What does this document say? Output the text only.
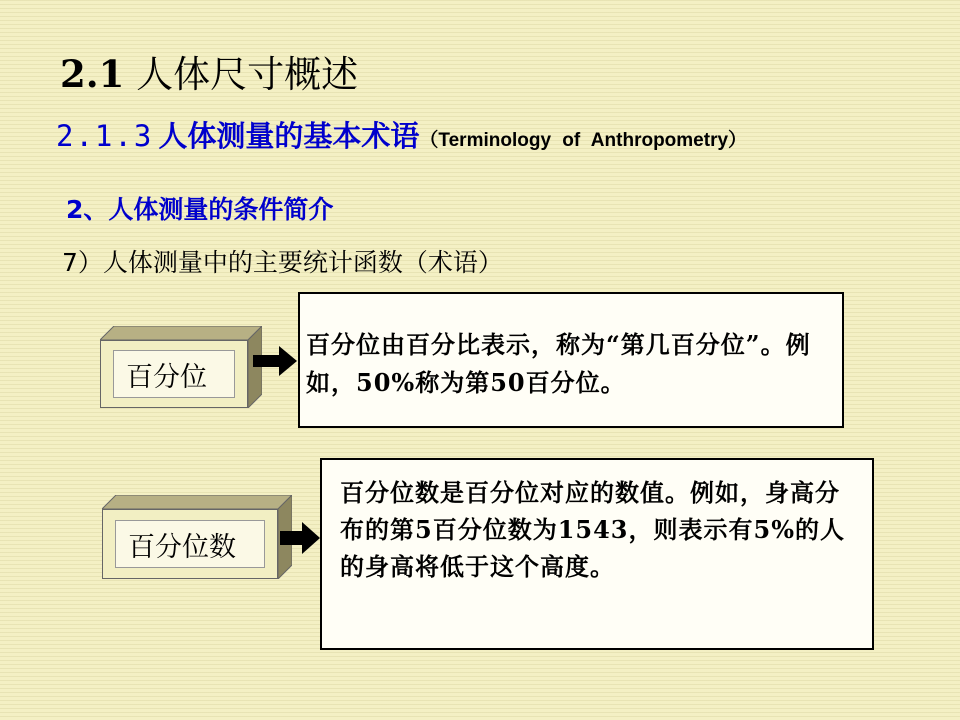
2.1 人体尺寸概述
2.1.3 人体测量的基本术语（Terminology of Anthropometry）
2、人体测量的条件简介
7）人体测量中的主要统计函数（术语）
百分位
百分位由百分比表示，称为“第几百分位”。例如，50%称为第50百分位。
百分位数
百分位数是百分位对应的数值。例如，身高分布的第5百分位数为1543，则表示有5%的人的身高将低于这个高度。
